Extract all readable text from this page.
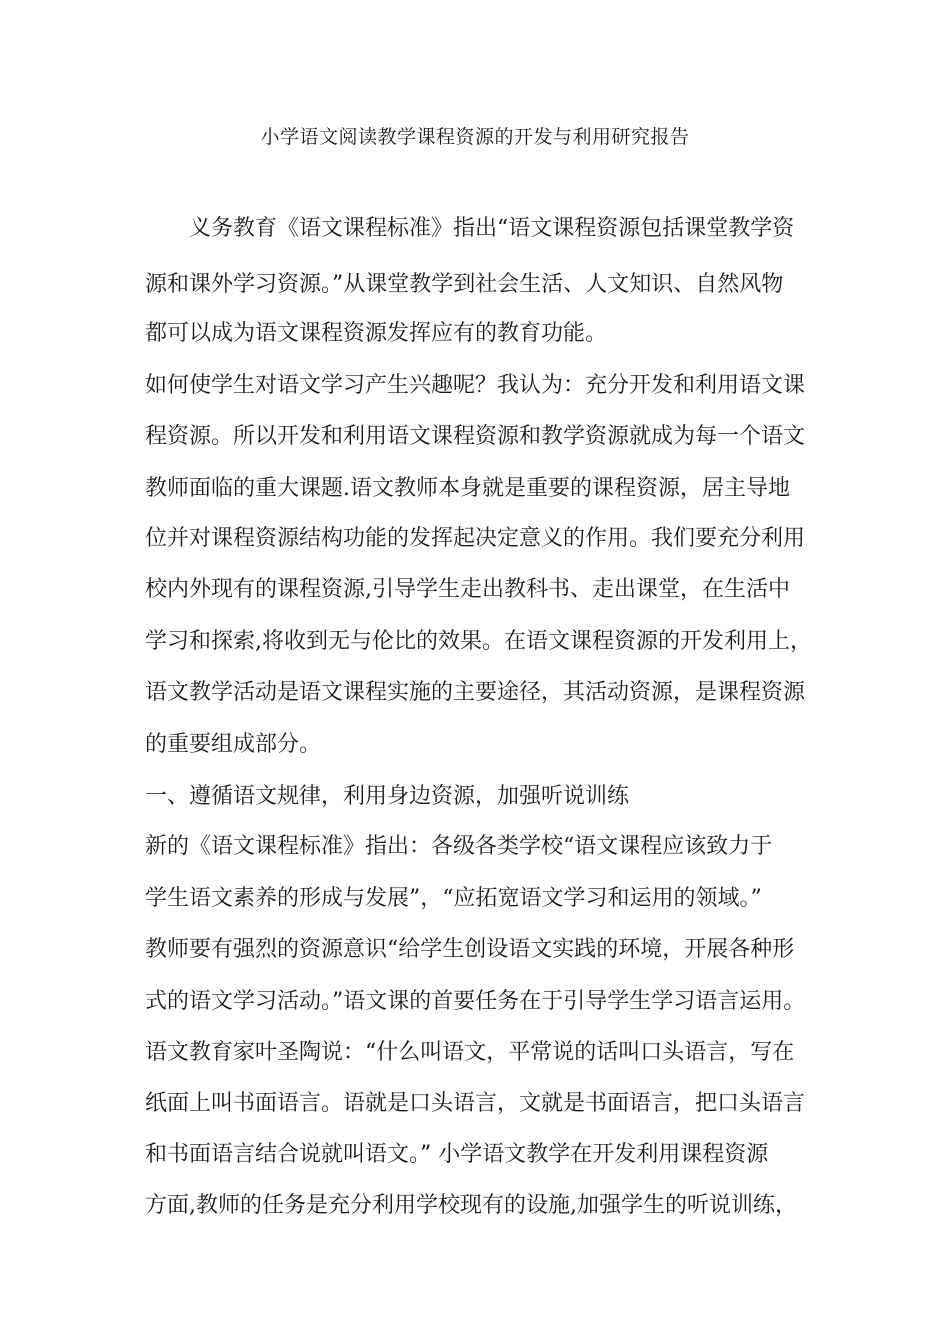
小学语文阅读教学课程资源的开发与利用研究报告
　　义务教育《语文课程标准》指出“语文课程资源包括课堂教学资
源和课外学习资源。”从课堂教学到社会生活、人文知识、自然风物
都可以成为语文课程资源发挥应有的教育功能。
如何使学生对语文学习产生兴趣呢？我认为：充分开发和利用语文课
程资源。所以开发和利用语文课程资源和教学资源就成为每一个语文
教师面临的重大课题.语文教师本身就是重要的课程资源，居主导地
位并对课程资源结构功能的发挥起决定意义的作用。我们要充分利用
校内外现有的课程资源,引导学生走出教科书、走出课堂，在生活中
学习和探索,将收到无与伦比的效果。在语文课程资源的开发利用上，
语文教学活动是语文课程实施的主要途径，其活动资源，是课程资源
的重要组成部分。
一、遵循语文规律，利用身边资源，加强听说训练
新的《语文课程标准》指出：各级各类学校“语文课程应该致力于
学生语文素养的形成与发展”，“应拓宽语文学习和运用的领域。”
教师要有强烈的资源意识“给学生创设语文实践的环境，开展各种形
式的语文学习活动。”语文课的首要任务在于引导学生学习语言运用。
语文教育家叶圣陶说：“什么叫语文，平常说的话叫口头语言，写在
纸面上叫书面语言。语就是口头语言，文就是书面语言，把口头语言
和书面语言结合说就叫语文。” 小学语文教学在开发利用课程资源
方面,教师的任务是充分利用学校现有的设施,加强学生的听说训练，
